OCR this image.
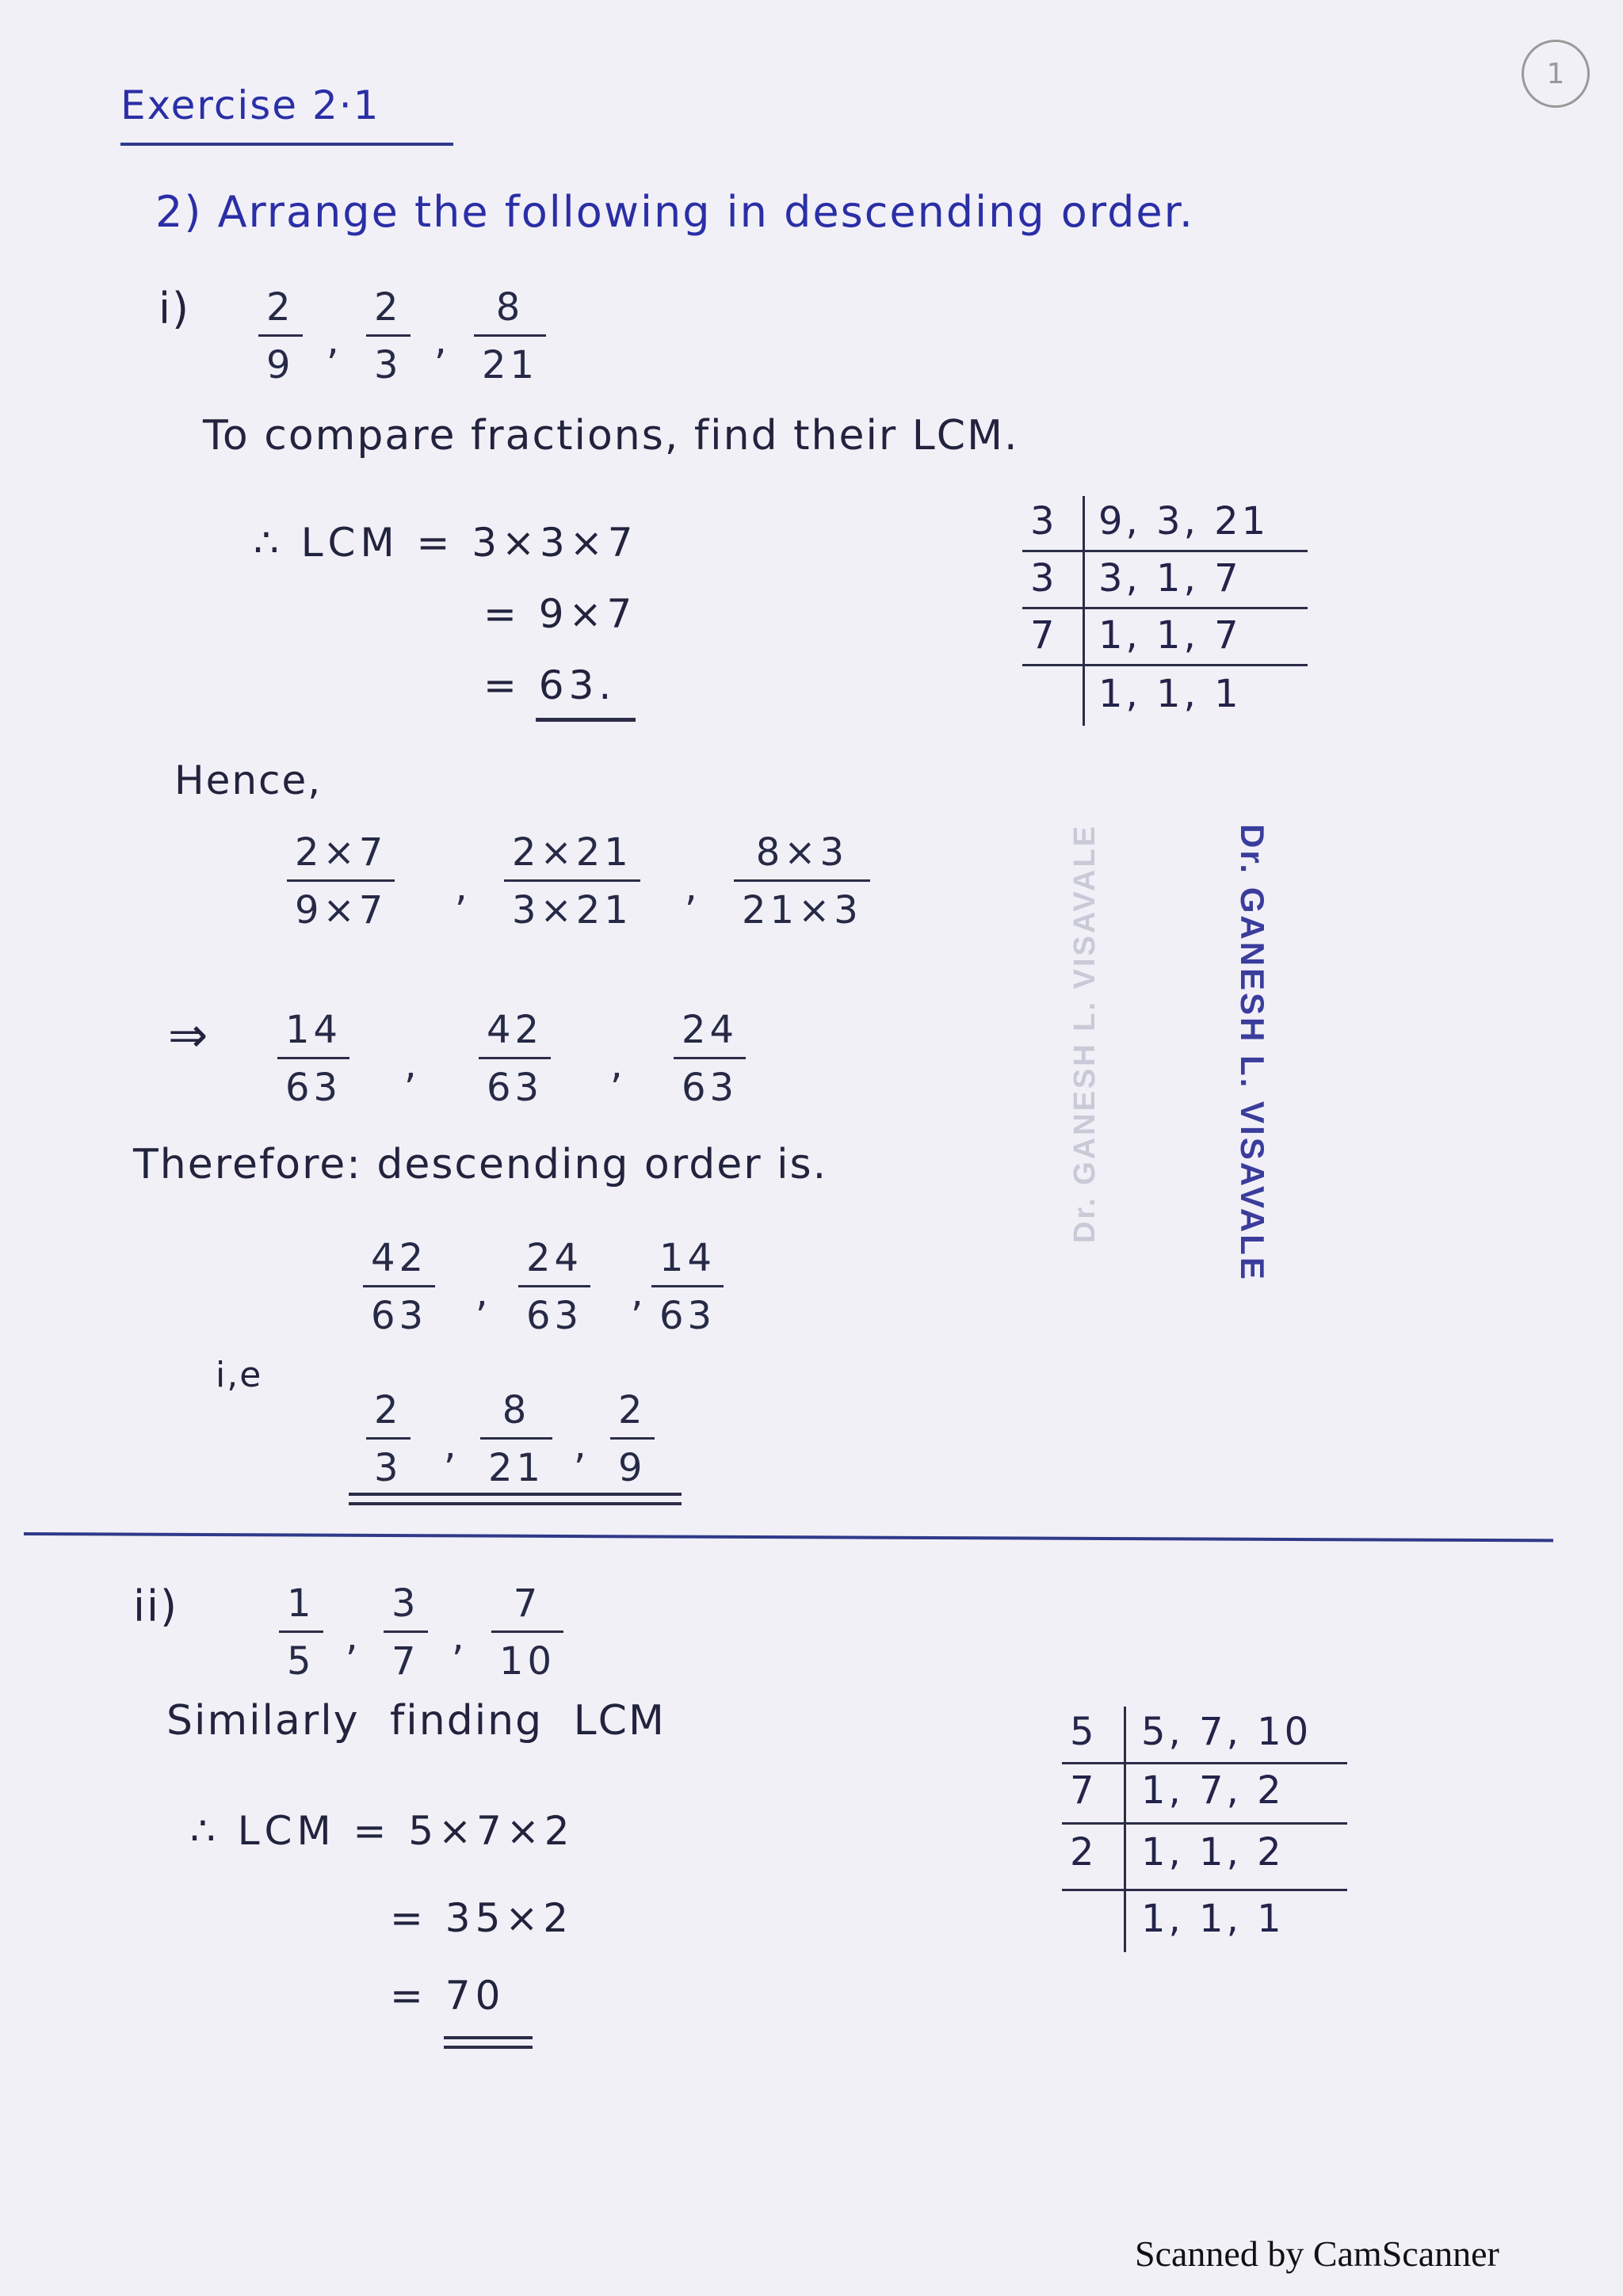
1
Exercise 2·1
2) Arrange the following in descending order.
i) 2
9
,
2
3
,
8
21
To compare fractions, find their LCM.
∴ LCM = 3×3×7
= 9×7
= 63.
3 9, 3, 21
3 3, 1, 7
7 1, 1, 7
1, 1, 1
Hence,
2×7
9×7
,
2×21
3×21
,
8×3
21×3
⇒ 14
63
,
42
63
,
24
63
Therefore: descending order is.
42
63
,
24
63
,
14
63
i,e
2
3
,
8
21
,
2
9
ii)	1
5
,
3
7
,
7
10
Similarly finding LCM
∴ LCM = 5×7×2
= 35×2
= 70
5 5, 7, 10
7 1, 7, 2
2 1, 1, 2
1, 1, 1
Dr. GANESH L. VISAVALE
Dr. GANESH L. VISAVALE
Scanned by CamScanner
